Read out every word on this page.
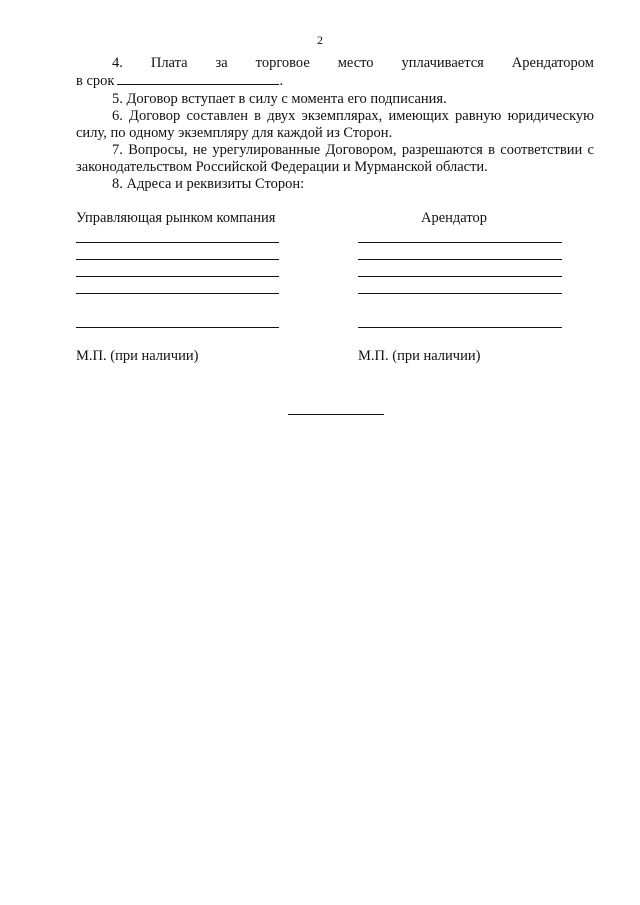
2
4. Плата за торговое место уплачивается Арендатором
в срок	.

5. Договор вступает в силу с момента его подписания.

6. Договор составлен в двух экземплярах, имеющих равную юридическую силу, по одному экземпляру для каждой из Сторон.

7. Вопросы, не урегулированные Договором, разрешаются в соответствии с законодательством Российской Федерации и Мурманской области.

8. Адреса и реквизиты Сторон:

Управляющая рынком компания	Арендатор
М.П. (при наличии)	М.П. (при наличии)
